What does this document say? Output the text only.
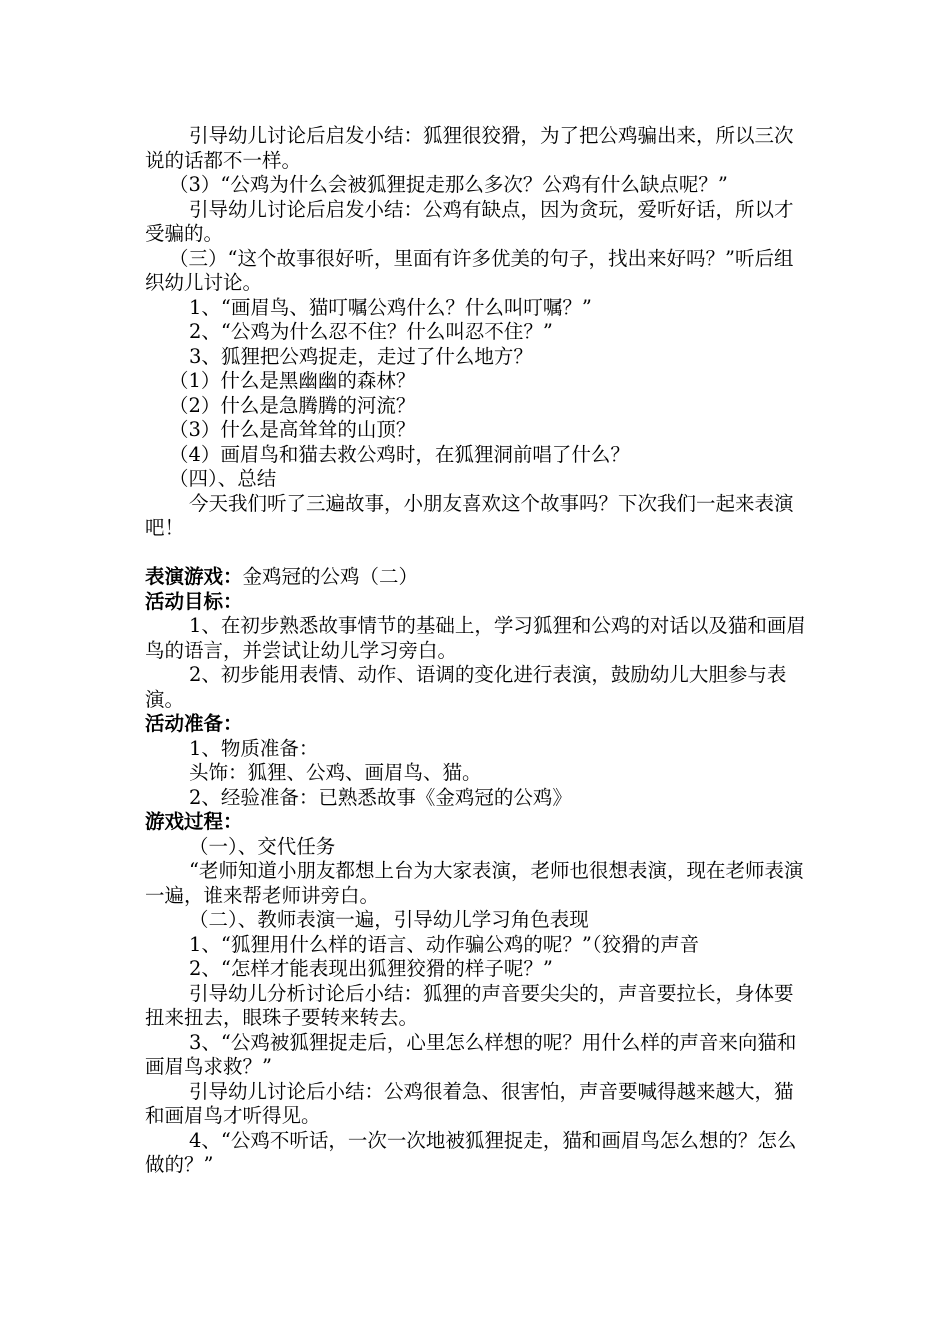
引导幼儿讨论后启发小结：狐狸很狡猾，为了把公鸡骗出来，所以三次说的话都不一样。

（3）“公鸡为什么会被狐狸捉走那么多次？公鸡有什么缺点呢？”

引导幼儿讨论后启发小结：公鸡有缺点，因为贪玩，爱听好话，所以才受骗的。

（三）“这个故事很好听，里面有许多优美的句子，找出来好吗？”听后组织幼儿讨论。

1、“画眉鸟、猫叮嘱公鸡什么？什么叫叮嘱？”

2、“公鸡为什么忍不住？什么叫忍不住？”

3、狐狸把公鸡捉走，走过了什么地方？

（1）什么是黑幽幽的森林？

（2）什么是急腾腾的河流？

（3）什么是高耸耸的山顶？

（4）画眉鸟和猫去救公鸡时，在狐狸洞前唱了什么？

（四）、总结

今天我们听了三遍故事，小朋友喜欢这个故事吗？下次我们一起来表演吧！

表演游戏：金鸡冠的公鸡（二）

活动目标：

1、在初步熟悉故事情节的基础上，学习狐狸和公鸡的对话以及猫和画眉鸟的语言，并尝试让幼儿学习旁白。

2、初步能用表情、动作、语调的变化进行表演，鼓励幼儿大胆参与表演。

活动准备：

1、物质准备：

头饰：狐狸、公鸡、画眉鸟、猫。

2、经验准备：已熟悉故事《金鸡冠的公鸡》

游戏过程：

（一）、交代任务

“老师知道小朋友都想上台为大家表演，老师也很想表演，现在老师表演一遍，谁来帮老师讲旁白。

（二）、教师表演一遍，引导幼儿学习角色表现

1、“狐狸用什么样的语言、动作骗公鸡的呢？”（狡猾的声音

2、“怎样才能表现出狐狸狡猾的样子呢？”

引导幼儿分析讨论后小结：狐狸的声音要尖尖的，声音要拉长，身体要扭来扭去，眼珠子要转来转去。

3、“公鸡被狐狸捉走后，心里怎么样想的呢？用什么样的声音来向猫和画眉鸟求救？”

引导幼儿讨论后小结：公鸡很着急、很害怕，声音要喊得越来越大，猫和画眉鸟才听得见。

4、“公鸡不听话，一次一次地被狐狸捉走，猫和画眉鸟怎么想的？怎么做的？”
